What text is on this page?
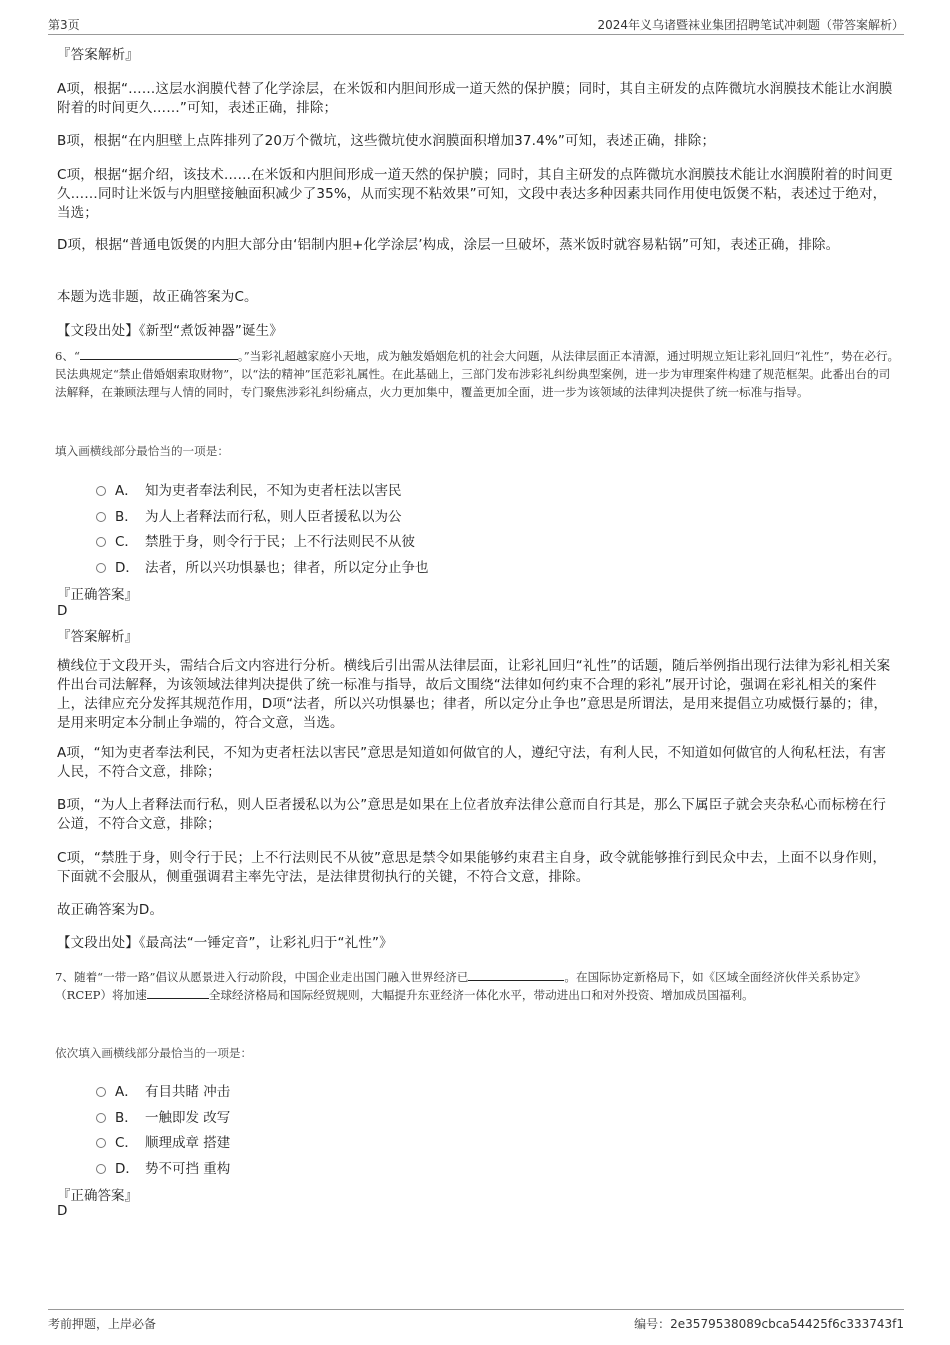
第3页	2024年义乌诸暨袜业集团招聘笔试冲刺题（带答案解析）
『答案解析』
A项，根据“……这层水润膜代替了化学涂层，在米饭和内胆间形成一道天然的保护膜；同时，其自主研发的点阵微坑水润膜技术能让水润膜附着的时间更久……”可知，表述正确，排除；
B项，根据“在内胆壁上点阵排列了20万个微坑，这些微坑使水润膜面积增加37.4%”可知，表述正确，排除；
C项，根据“据介绍，该技术……在米饭和内胆间形成一道天然的保护膜；同时，其自主研发的点阵微坑水润膜技术能让水润膜附着的时间更久……同时让米饭与内胆壁接触面积减少了35%，从而实现不粘效果”可知，文段中表达多种因素共同作用使电饭煲不粘，表述过于绝对，当选；
D项，根据“普通电饭煲的内胆大部分由‘铝制内胆+化学涂层’构成，涂层一旦破坏，蒸米饭时就容易粘锅”可知，表述正确，排除。
本题为选非题，故正确答案为C。
【文段出处】《新型“煮饭神器”诞生》
6、“	。”当彩礼超越家庭小天地，成为触发婚姻危机的社会大问题，从法律层面正本清源，通过明规立矩让彩礼回归“礼性”，势在必行。民法典规定“禁止借婚姻索取财物”，以“法的精神”匡范彩礼属性。在此基础上，三部门发布涉彩礼纠纷典型案例，进一步为审理案件构建了规范框架。此番出台的司法解释，在兼顾法理与人情的同时，专门聚焦涉彩礼纠纷痛点，火力更加集中，覆盖更加全面，进一步为该领域的法律判决提供了统一标准与指导。
填入画横线部分最恰当的一项是：
A． 知为吏者奉法利民，不知为吏者枉法以害民
B． 为人上者释法而行私，则人臣者援私以为公
C． 禁胜于身，则令行于民；上不行法则民不从彼
D． 法者，所以兴功惧暴也；律者，所以定分止争也
『正确答案』
D
『答案解析』
横线位于文段开头，需结合后文内容进行分析。横线后引出需从法律层面，让彩礼回归“礼性”的话题，随后举例指出现行法律为彩礼相关案件出台司法解释，为该领域法律判决提供了统一标准与指导，故后文围绕“法律如何约束不合理的彩礼”展开讨论，强调在彩礼相关的案件上，法律应充分发挥其规范作用，D项“法者，所以兴功惧暴也；律者，所以定分止争也”意思是所谓法，是用来提倡立功威慑行暴的；律，是用来明定本分制止争端的，符合文意，当选。
A项，“知为吏者奉法利民，不知为吏者枉法以害民”意思是知道如何做官的人，遵纪守法，有利人民，不知道如何做官的人徇私枉法，有害人民，不符合文意，排除；
B项，“为人上者释法而行私，则人臣者援私以为公”意思是如果在上位者放弃法律公意而自行其是，那么下属臣子就会夹杂私心而标榜在行公道，不符合文意，排除；
C项，“禁胜于身，则令行于民；上不行法则民不从彼”意思是禁令如果能够约束君主自身，政令就能够推行到民众中去，上面不以身作则，下面就不会服从，侧重强调君主率先守法，是法律贯彻执行的关键，不符合文意，排除。
故正确答案为D。
【文段出处】《最高法“一锤定音”，让彩礼归于“礼性”》
7、随着“一带一路”倡议从愿景进入行动阶段，中国企业走出国门融入世界经济已	。在国际协定新格局下，如《区域全面经济伙伴关系协定》（RCEP）将加速	全球经济格局和国际经贸规则，大幅提升东亚经济一体化水平，带动进出口和对外投资、增加成员国福利。
依次填入画横线部分最恰当的一项是：
A． 有目共睹 冲击
B． 一触即发 改写
C． 顺理成章 搭建
D． 势不可挡 重构
『正确答案』
D
考前押题，上岸必备	编号：2e3579538089cbca54425f6c333743f1
